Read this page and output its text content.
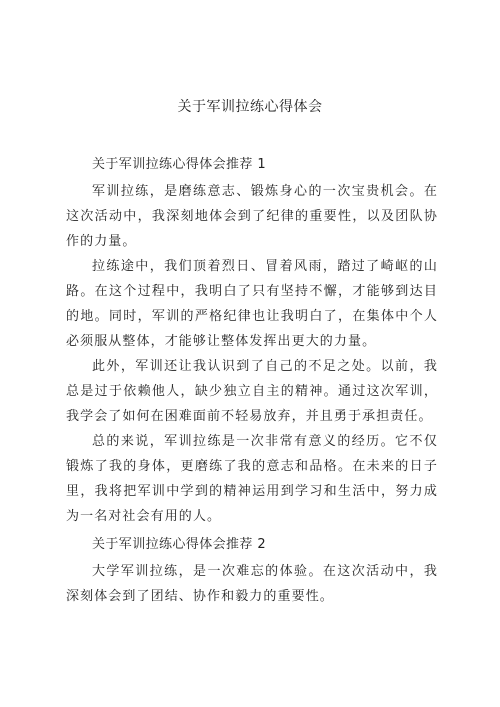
关于军训拉练心得体会

关于军训拉练心得体会推荐 1

军训拉练，是磨练意志、锻炼身心的一次宝贵机会。在这次活动中，我深刻地体会到了纪律的重要性，以及团队协作的力量。

拉练途中，我们顶着烈日、冒着风雨，踏过了崎岖的山路。在这个过程中，我明白了只有坚持不懈，才能够到达目的地。同时，军训的严格纪律也让我明白了，在集体中个人必须服从整体，才能够让整体发挥出更大的力量。

此外，军训还让我认识到了自己的不足之处。以前，我总是过于依赖他人，缺少独立自主的精神。通过这次军训，我学会了如何在困难面前不轻易放弃，并且勇于承担责任。

总的来说，军训拉练是一次非常有意义的经历。它不仅锻炼了我的身体，更磨练了我的意志和品格。在未来的日子里，我将把军训中学到的精神运用到学习和生活中，努力成为一名对社会有用的人。

关于军训拉练心得体会推荐 2

大学军训拉练，是一次难忘的体验。在这次活动中，我深刻体会到了团结、协作和毅力的重要性。
